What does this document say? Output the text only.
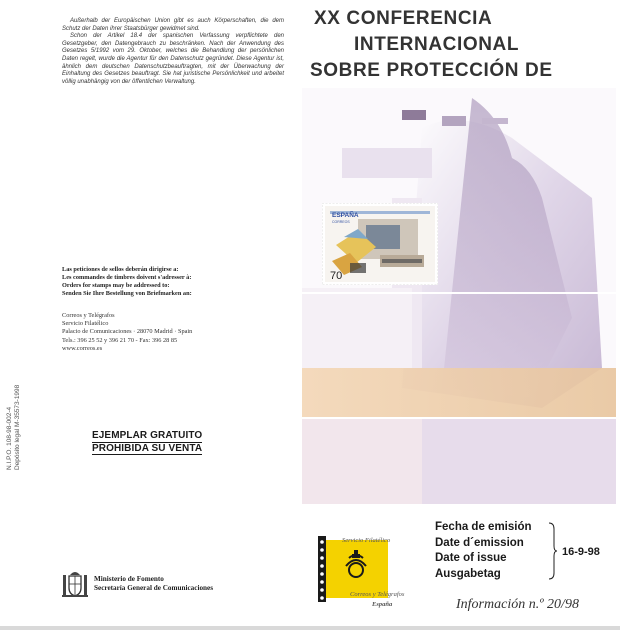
Außerhalb der Europäischen Union gibt es auch Körperschaften, die dem Schutz der Daten ihrer Staatsbürger gewidmet sind.

Schon der Artikel 18.4 der spanischen Verfassung verpflichtete den Gesetzgeber, den Datengebrauch zu beschränken. Nach der Anwendung des Gesetzes 5/1992 vom 29. Oktober, welches die Behandlung der persönlichen Daten regelt, wurde die Agentur für den Datenschutz gegründet. Diese Agentur ist, ähnlich dem deutschen Datenschutzbeauftragten, mit der Überwachung der Einhaltung des Gesetzes beauftragt. Sie hat juristische Persönlichkeit und arbeitet völlig unabhängig von der öffentlichen Verwaltung.

Las peticiones de sellos deberán dirigirse a:
Les commandes de timbres doivent s'adresser à:
Orders for stamps may be addressed to:
Senden Sie Ihre Bestellung von Briefmarken an:
Correos y Telégrafos
Servicio Filatélico
Palacio de Comunicaciones · 28070 Madrid · Spain
Tels.: 396 25 52 y 396 21 70 - Fax: 396 28 85
www.correos.es
EJEMPLAR GRATUITO
PROHIBIDA SU VENTA
N.I.P.O. 108-98-002-4 Depósito legal M-35573-1998
Ministerio de Fomento
Secretaría General de Comunicaciones
XX CONFERENCIA
INTERNACIONAL
SOBRE PROTECCIÓN DE
ESPAÑA
CORREOS
70
Fecha de emisión
Date d´emission
Date of issue
Ausgabetag
16-9-98
Servicio Filatélico
Correos y Telégrafos
España	Información n.º 20/98
